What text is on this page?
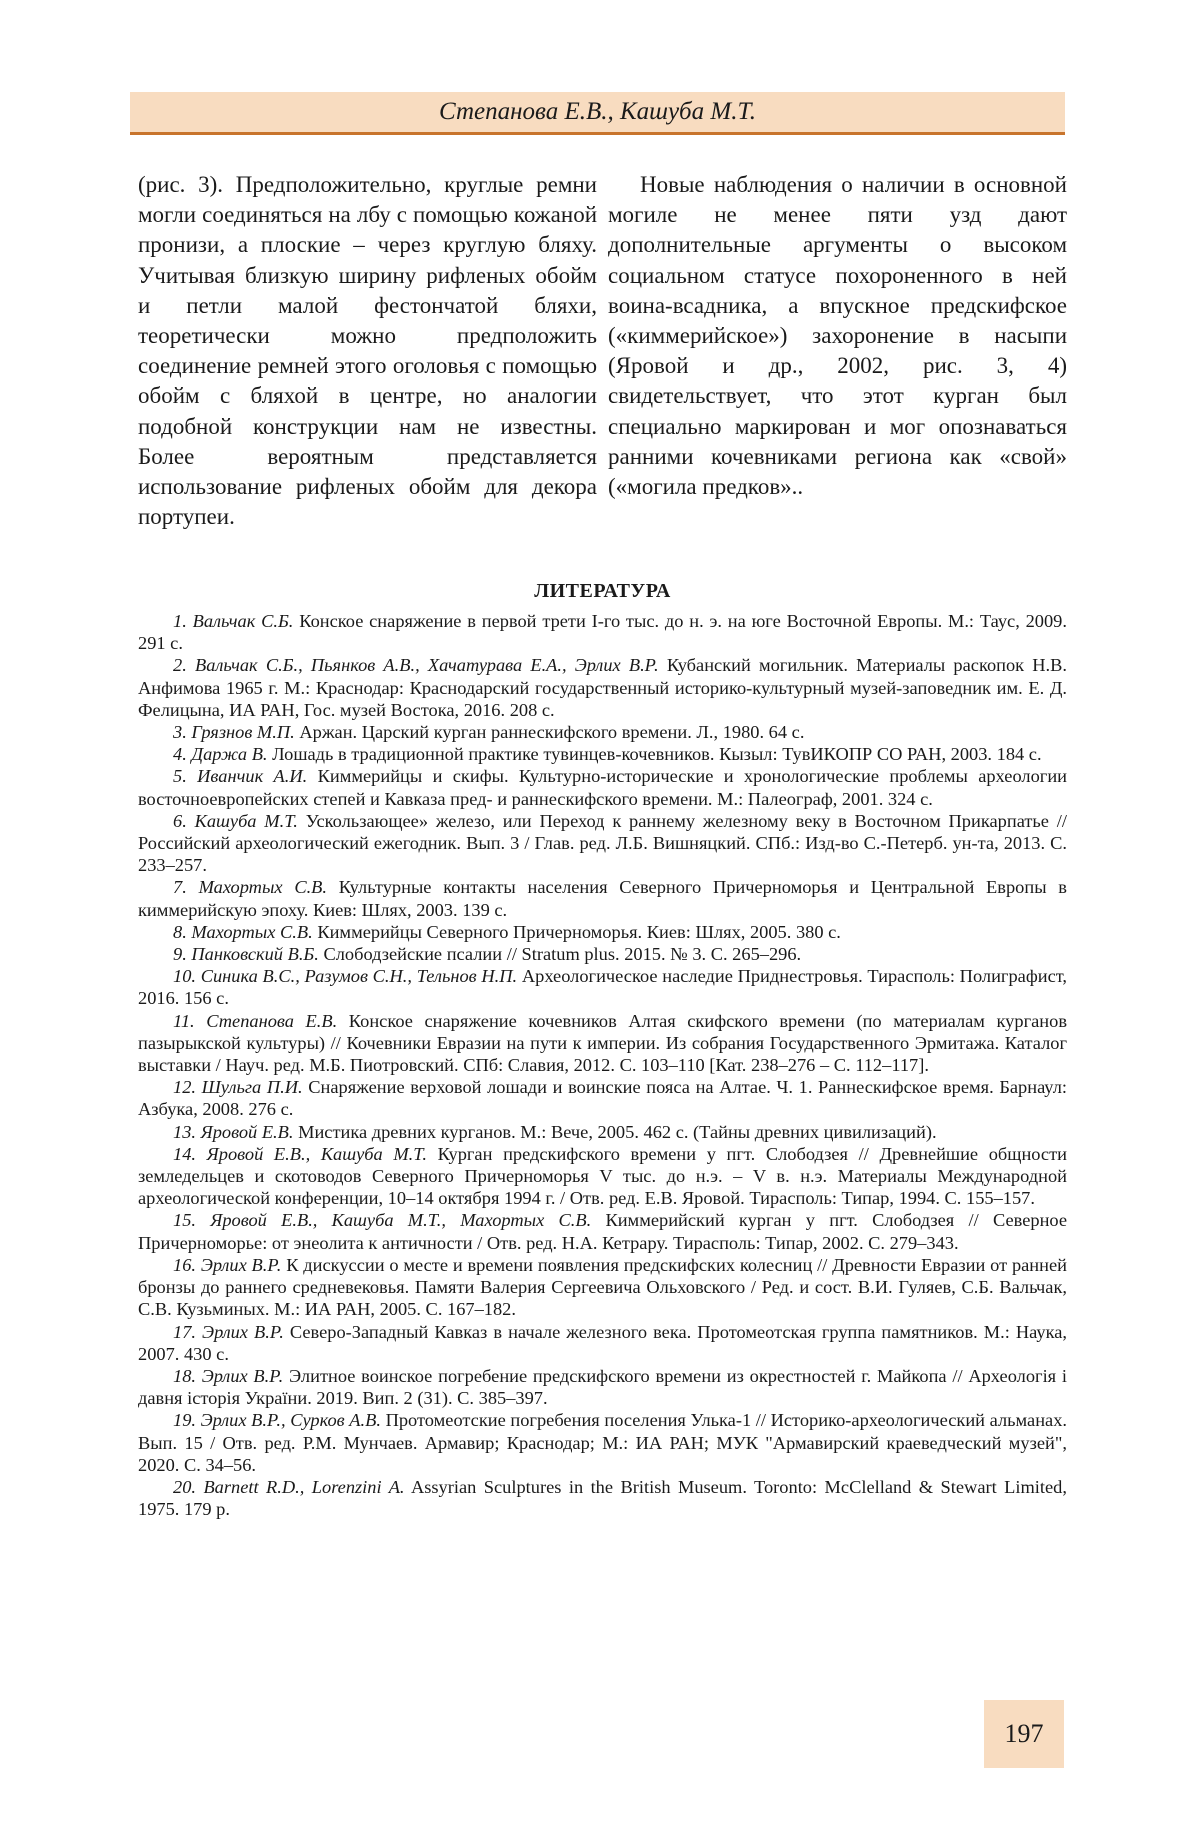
Степанова Е.В., Кашуба М.Т.

(рис. 3). Предположительно, круглые ремни могли соединяться на лбу с помощью кожаной пронизи, а плоские – через круглую бляху. Учитывая близкую ширину рифленых обойм и петли малой фестончатой бляхи, теоретически можно предположить соединение ремней этого оголовья с помощью обойм с бляхой в центре, но аналогии подобной конструкции нам не известны. Более вероятным представляется использование рифленых обойм для декора портупеи.

Новые наблюдения о наличии в основной могиле не менее пяти узд дают дополнительные аргументы о высоком социальном статусе похороненного в ней воина-всадника, а впускное предскифское («киммерийское») захоронение в насыпи (Яровой и др., 2002, рис. 3, 4) свидетельствует, что этот курган был специально маркирован и мог опознаваться ранними кочевниками региона как «свой» («могила предков»..

ЛИТЕРАТУРА

1. Вальчак С.Б. Конское снаряжение в первой трети I-го тыс. до н. э. на юге Восточной Европы. М.: Таус, 2009. 291 с.

2. Вальчак С.Б., Пьянков А.В., Хачатурава Е.А., Эрлих В.Р. Кубанский могильник. Материалы раскопок Н.В. Анфимова 1965 г. М.: Краснодар: Краснодарский государственный историко-культурный музей-заповедник им. Е. Д. Фелицына, ИА РАН, Гос. музей Востока, 2016. 208 с.

3. Грязнов М.П. Аржан. Царский курган раннескифского времени. Л., 1980. 64 с.

4. Даржа В. Лошадь в традиционной практике тувинцев-кочевников. Кызыл: ТувИКОПР СО РАН, 2003. 184 с.

5. Иванчик А.И. Киммерийцы и скифы. Культурно-исторические и хронологические проблемы археологии восточноевропейских степей и Кавказа пред- и раннескифского времени. М.: Палеограф, 2001. 324 с.

6. Кашуба М.Т. Ускользающее» железо, или Переход к раннему железному веку в Восточном Прикарпатье // Российский археологический ежегодник. Вып. 3 / Глав. ред. Л.Б. Вишняцкий. СПб.: Изд-во С.-Петерб. ун-та, 2013. С. 233–257.

7. Махортых С.В. Культурные контакты населения Северного Причерноморья и Центральной Европы в киммерийскую эпоху. Киев: Шлях, 2003. 139 с.

8. Махортых С.В. Киммерийцы Северного Причерноморья. Киев: Шлях, 2005. 380 с.

9. Панковский В.Б. Слободзейские псалии // Stratum plus. 2015. № 3. С. 265–296.

10. Синика В.С., Разумов С.Н., Тельнов Н.П. Археологическое наследие Приднестровья. Тирасполь: Полиграфист, 2016. 156 с.

11. Степанова Е.В. Конское снаряжение кочевников Алтая скифского времени (по материалам курганов пазырыкской культуры) // Кочевники Евразии на пути к империи. Из собрания Государственного Эрмитажа. Каталог выставки / Науч. ред. М.Б. Пиотровский. СПб: Славия, 2012. С. 103–110 [Кат. 238–276 – С. 112–117].

12. Шульга П.И. Снаряжение верховой лошади и воинские пояса на Алтае. Ч. 1. Раннескифское время. Барнаул: Азбука, 2008. 276 с.

13. Яровой Е.В. Мистика древних курганов. М.: Вече, 2005. 462 с. (Тайны древних цивилизаций).

14. Яровой Е.В., Кашуба М.Т. Курган предскифского времени у пгт. Слободзея // Древнейшие общности земледельцев и скотоводов Северного Причерноморья V тыс. до н.э. – V в. н.э. Материалы Международной археологической конференции, 10–14 октября 1994 г. / Отв. ред. Е.В. Яровой. Тирасполь: Типар, 1994. С. 155–157.

15. Яровой Е.В., Кашуба М.Т., Махортых С.В. Киммерийский курган у пгт. Слободзея // Северное Причерноморье: от энеолита к античности / Отв. ред. Н.А. Кетрару. Тирасполь: Типар, 2002. С. 279–343.

16. Эрлих В.Р. К дискуссии о месте и времени появления предскифских колесниц // Древности Евразии от ранней бронзы до раннего средневековья. Памяти Валерия Сергеевича Ольховского / Ред. и сост. В.И. Гуляев, С.Б. Вальчак, С.В. Кузьминых. М.: ИА РАН, 2005. С. 167–182.

17. Эрлих В.Р. Северо-Западный Кавказ в начале железного века. Протомеотская группа памятников. М.: Наука, 2007. 430 с.

18. Эрлих В.Р. Элитное воинское погребение предскифского времени из окрестностей г. Майкопа // Археологія і давня історія України. 2019. Вип. 2 (31). С. 385–397.

19. Эрлих В.Р., Сурков А.В. Протомеотские погребения поселения Улька-1 // Историко-археологический альманах. Вып. 15 / Отв. ред. Р.М. Мунчаев. Армавир; Краснодар; М.: ИА РАН; МУК "Армавирский краеведческий музей", 2020. С. 34–56.

20. Barnett R.D., Lorenzini A. Assyrian Sculptures in the British Museum. Toronto: McClelland & Stewart Limited, 1975. 179 p.

197
